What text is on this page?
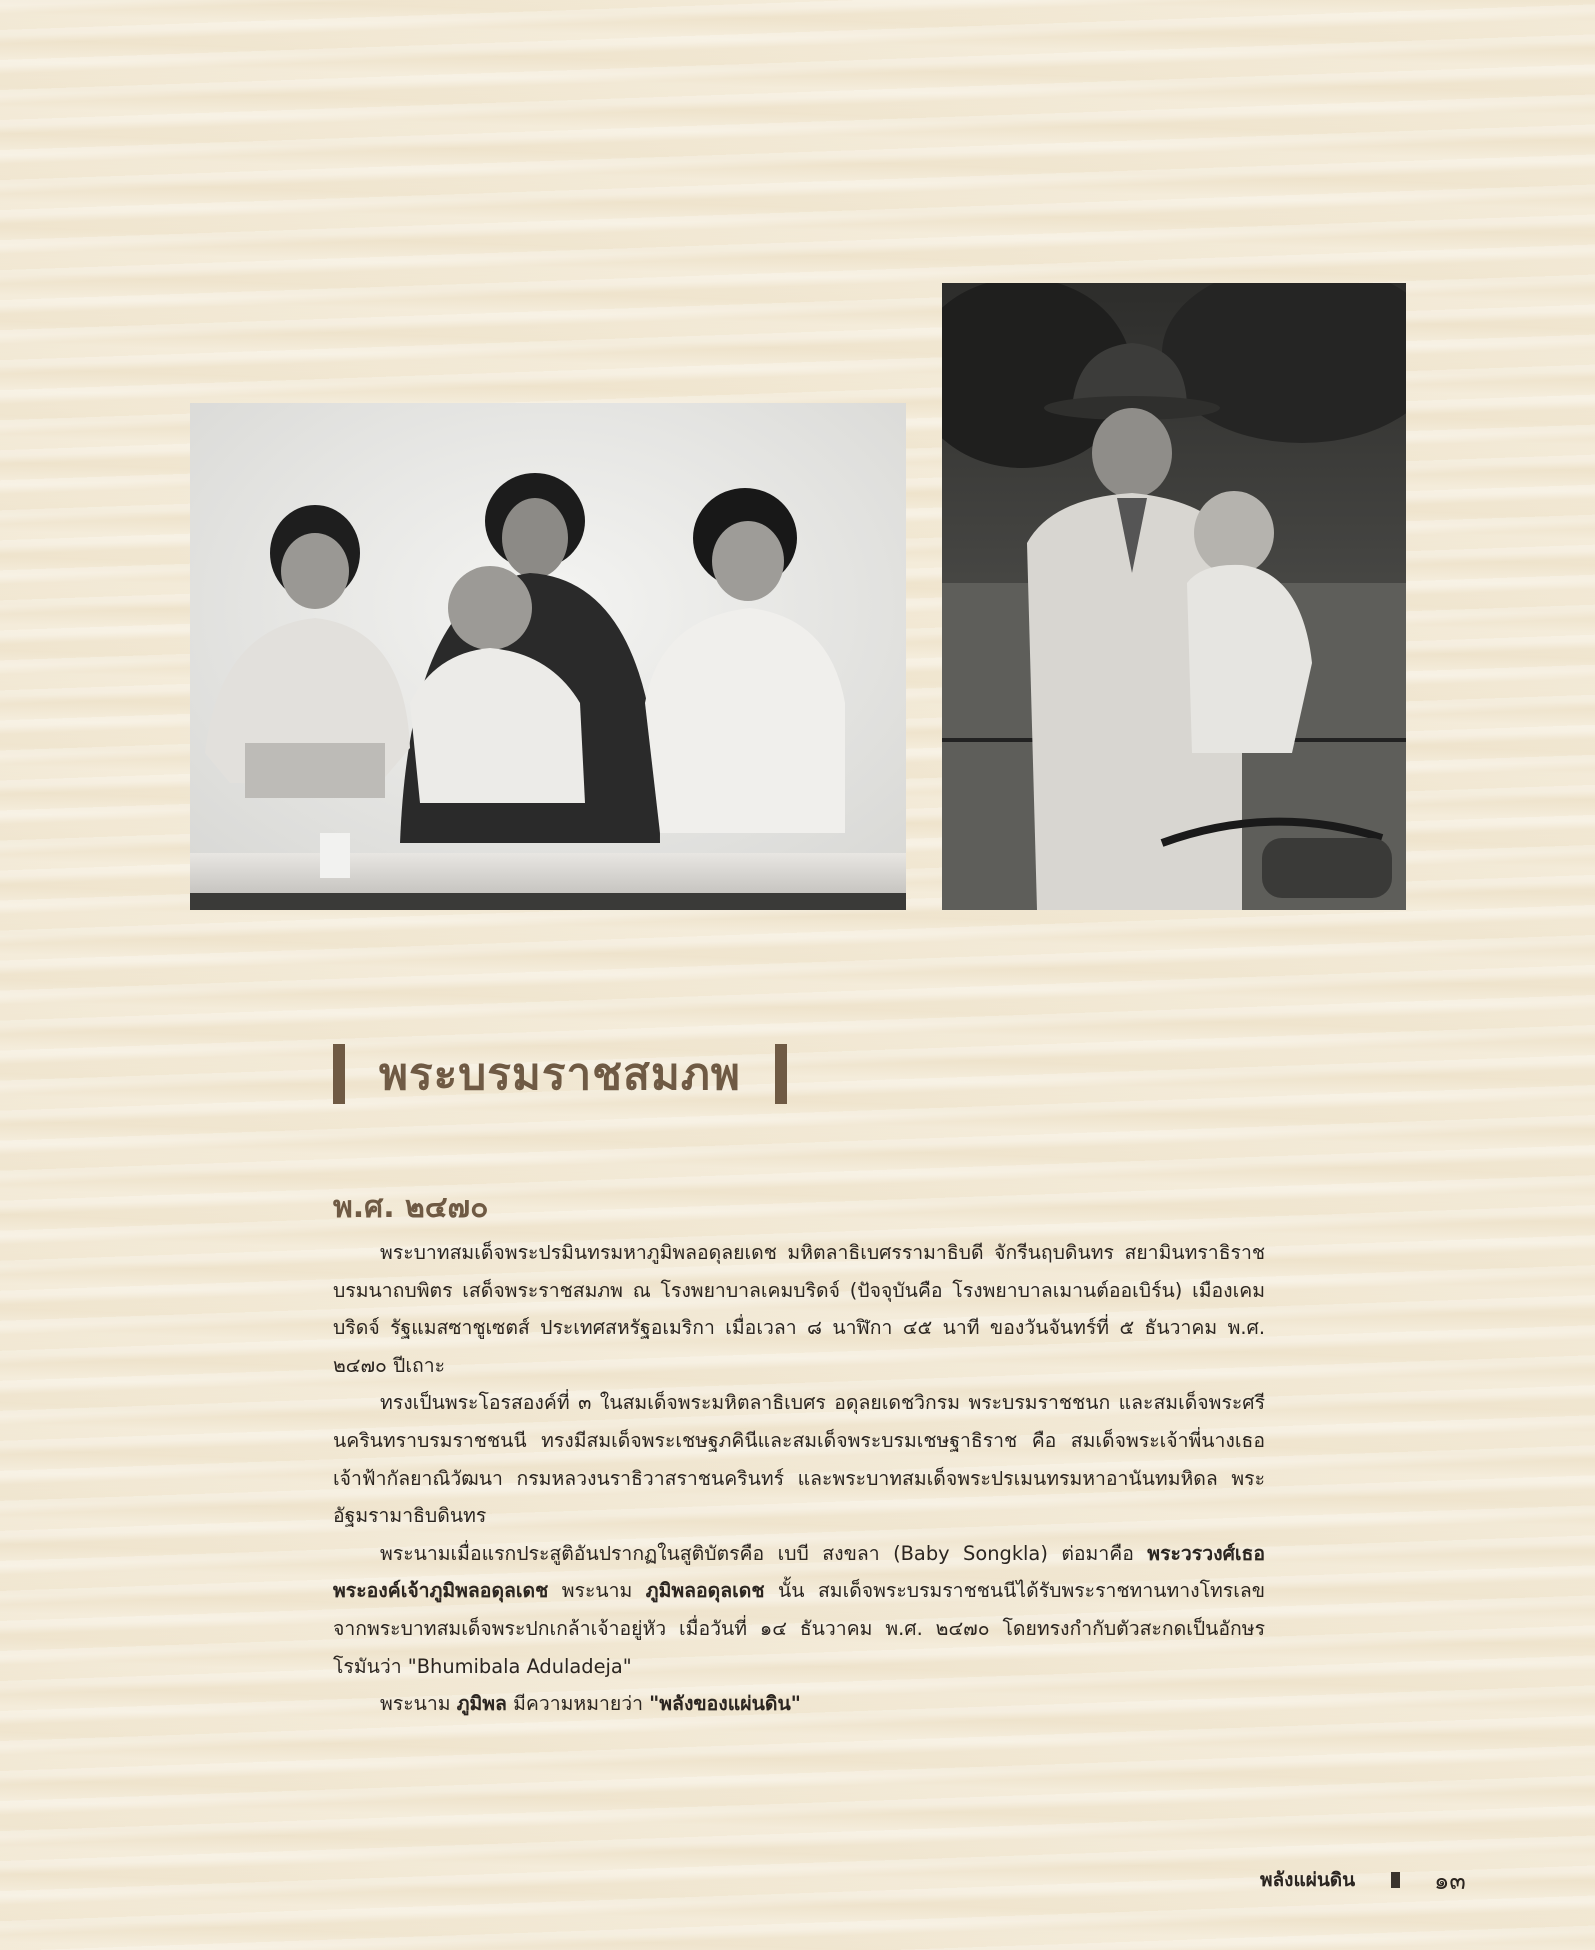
พระบรมราชสมภพ
พ.ศ. ๒๔๗๐

พระบาทสมเด็จพระปรมินทรมหาภูมิพลอดุลยเดช มหิตลาธิเบศรรามาธิบดี จักรีนฤบดินทร สยามินทราธิราช บรมนาถบพิตร เสด็จพระราชสมภพ ณ โรงพยาบาลเคมบริดจ์ (ปัจจุบันคือ โรงพยาบาลเมานต์ออเบิร์น) เมืองเคมบริดจ์ รัฐแมสซาชูเซตส์ ประเทศสหรัฐอเมริกา เมื่อเวลา ๘ นาฬิกา ๔๕ นาที ของวันจันทร์ที่ ๕ ธันวาคม พ.ศ. ๒๔๗๐ ปีเถาะ

ทรงเป็นพระโอรสองค์ที่ ๓ ในสมเด็จพระมหิตลาธิเบศร อดุลยเดชวิกรม พระบรมราชชนก และสมเด็จพระศรีนครินทราบรมราชชนนี ทรงมีสมเด็จพระเชษฐภคินีและสมเด็จพระบรมเชษฐาธิราช คือ สมเด็จพระเจ้าพี่นางเธอ เจ้าฟ้ากัลยาณิวัฒนา กรมหลวงนราธิวาสราชนครินทร์ และพระบาทสมเด็จพระปรเมนทรมหาอานันทมหิดล พระอัฐมรามาธิบดินทร

พระนามเมื่อแรกประสูติอันปรากฏในสูติบัตรคือ เบบี สงขลา (Baby Songkla) ต่อมาคือ พระวรวงศ์เธอ พระองค์เจ้าภูมิพลอดุลเดช พระนาม ภูมิพลอดุลเดช นั้น สมเด็จพระบรมราชชนนีได้รับพระราชทานทางโทรเลขจากพระบาทสมเด็จพระปกเกล้าเจ้าอยู่หัว เมื่อวันที่ ๑๔ ธันวาคม พ.ศ. ๒๔๗๐ โดยทรงกำกับตัวสะกดเป็นอักษรโรมันว่า "Bhumibala Aduladeja"

พระนาม ภูมิพล มีความหมายว่า "พลังของแผ่นดิน"

พลังแผ่นดิน	๑๓
